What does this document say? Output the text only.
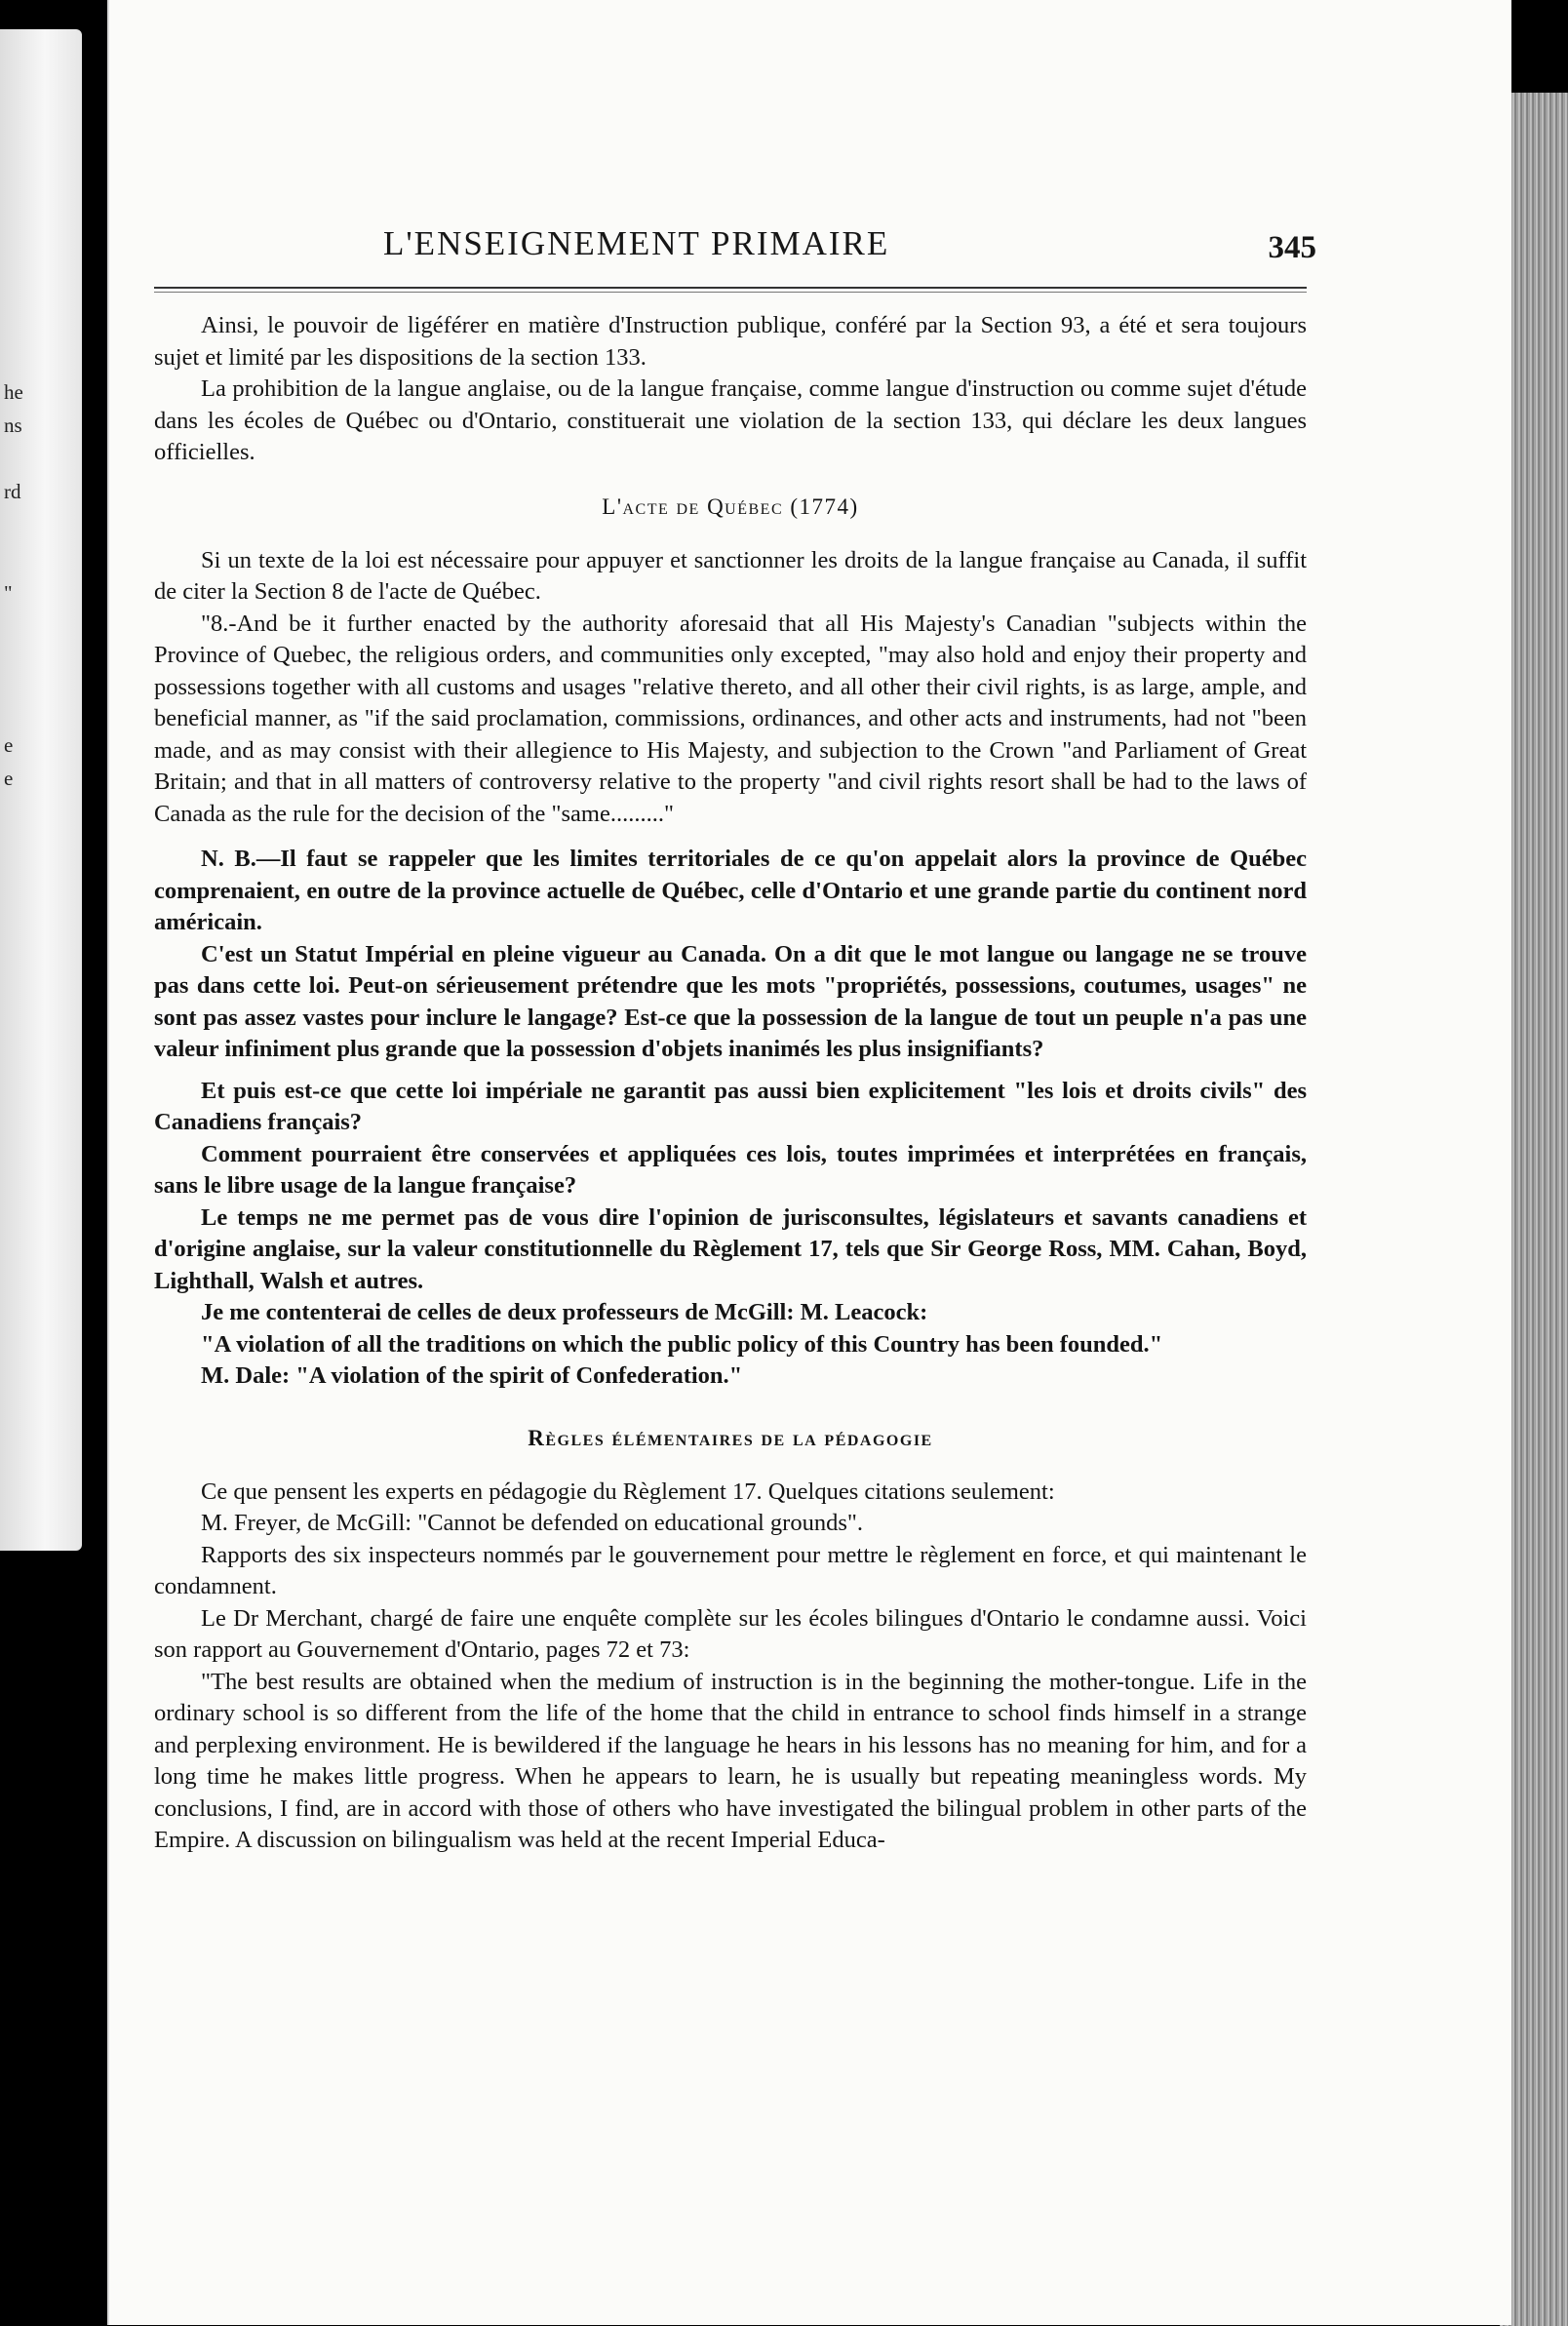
he
ns
rd
"
e
e
L'ENSEIGNEMENT PRIMAIRE	345

Ainsi, le pouvoir de ligéférer en matière d'Instruction publique, conféré par la Section 93, a été et sera toujours sujet et limité par les dispositions de la section 133.

La prohibition de la langue anglaise, ou de la langue française, comme langue d'instruction ou comme sujet d'étude dans les écoles de Québec ou d'Ontario, constituerait une violation de la section 133, qui déclare les deux langues officielles.

L'acte de Québec (1774)

Si un texte de la loi est nécessaire pour appuyer et sanctionner les droits de la langue française au Canada, il suffit de citer la Section 8 de l'acte de Québec.

"8.-And be it further enacted by the authority aforesaid that all His Majesty's Canadian "subjects within the Province of Quebec, the religious orders, and communities only excepted, "may also hold and enjoy their property and possessions together with all customs and usages "relative thereto, and all other their civil rights, is as large, ample, and beneficial manner, as "if the said proclamation, commissions, ordinances, and other acts and instruments, had not "been made, and as may consist with their allegience to His Majesty, and subjection to the Crown "and Parliament of Great Britain; and that in all matters of controversy relative to the property "and civil rights resort shall be had to the laws of Canada as the rule for the decision of the "same........."

N. B.—Il faut se rappeler que les limites territoriales de ce qu'on appelait alors la province de Québec comprenaient, en outre de la province actuelle de Québec, celle d'Ontario et une grande partie du continent nord américain.

C'est un Statut Impérial en pleine vigueur au Canada. On a dit que le mot langue ou langage ne se trouve pas dans cette loi. Peut-on sérieusement prétendre que les mots "propriétés, possessions, coutumes, usages" ne sont pas assez vastes pour inclure le langage? Est-ce que la possession de la langue de tout un peuple n'a pas une valeur infiniment plus grande que la possession d'objets inanimés les plus insignifiants?

Et puis est-ce que cette loi impériale ne garantit pas aussi bien explicitement "les lois et droits civils" des Canadiens français?

Comment pourraient être conservées et appliquées ces lois, toutes imprimées et interprétées en français, sans le libre usage de la langue française?

Le temps ne me permet pas de vous dire l'opinion de jurisconsultes, législateurs et savants canadiens et d'origine anglaise, sur la valeur constitutionnelle du Règlement 17, tels que Sir George Ross, MM. Cahan, Boyd, Lighthall, Walsh et autres.

Je me contenterai de celles de deux professeurs de McGill: M. Leacock:

"A violation of all the traditions on which the public policy of this Country has been founded."

M. Dale: "A violation of the spirit of Confederation."

Règles élémentaires de la pédagogie

Ce que pensent les experts en pédagogie du Règlement 17. Quelques citations seulement:

M. Freyer, de McGill: "Cannot be defended on educational grounds".

Rapports des six inspecteurs nommés par le gouvernement pour mettre le règlement en force, et qui maintenant le condamnent.

Le Dr Merchant, chargé de faire une enquête complète sur les écoles bilingues d'Ontario le condamne aussi. Voici son rapport au Gouvernement d'Ontario, pages 72 et 73:

"The best results are obtained when the medium of instruction is in the beginning the mother-tongue. Life in the ordinary school is so different from the life of the home that the child in entrance to school finds himself in a strange and perplexing environment. He is bewildered if the language he hears in his lessons has no meaning for him, and for a long time he makes little progress. When he appears to learn, he is usually but repeating meaningless words. My conclusions, I find, are in accord with those of others who have investigated the bilingual problem in other parts of the Empire. A discussion on bilingualism was held at the recent Imperial Educa-
